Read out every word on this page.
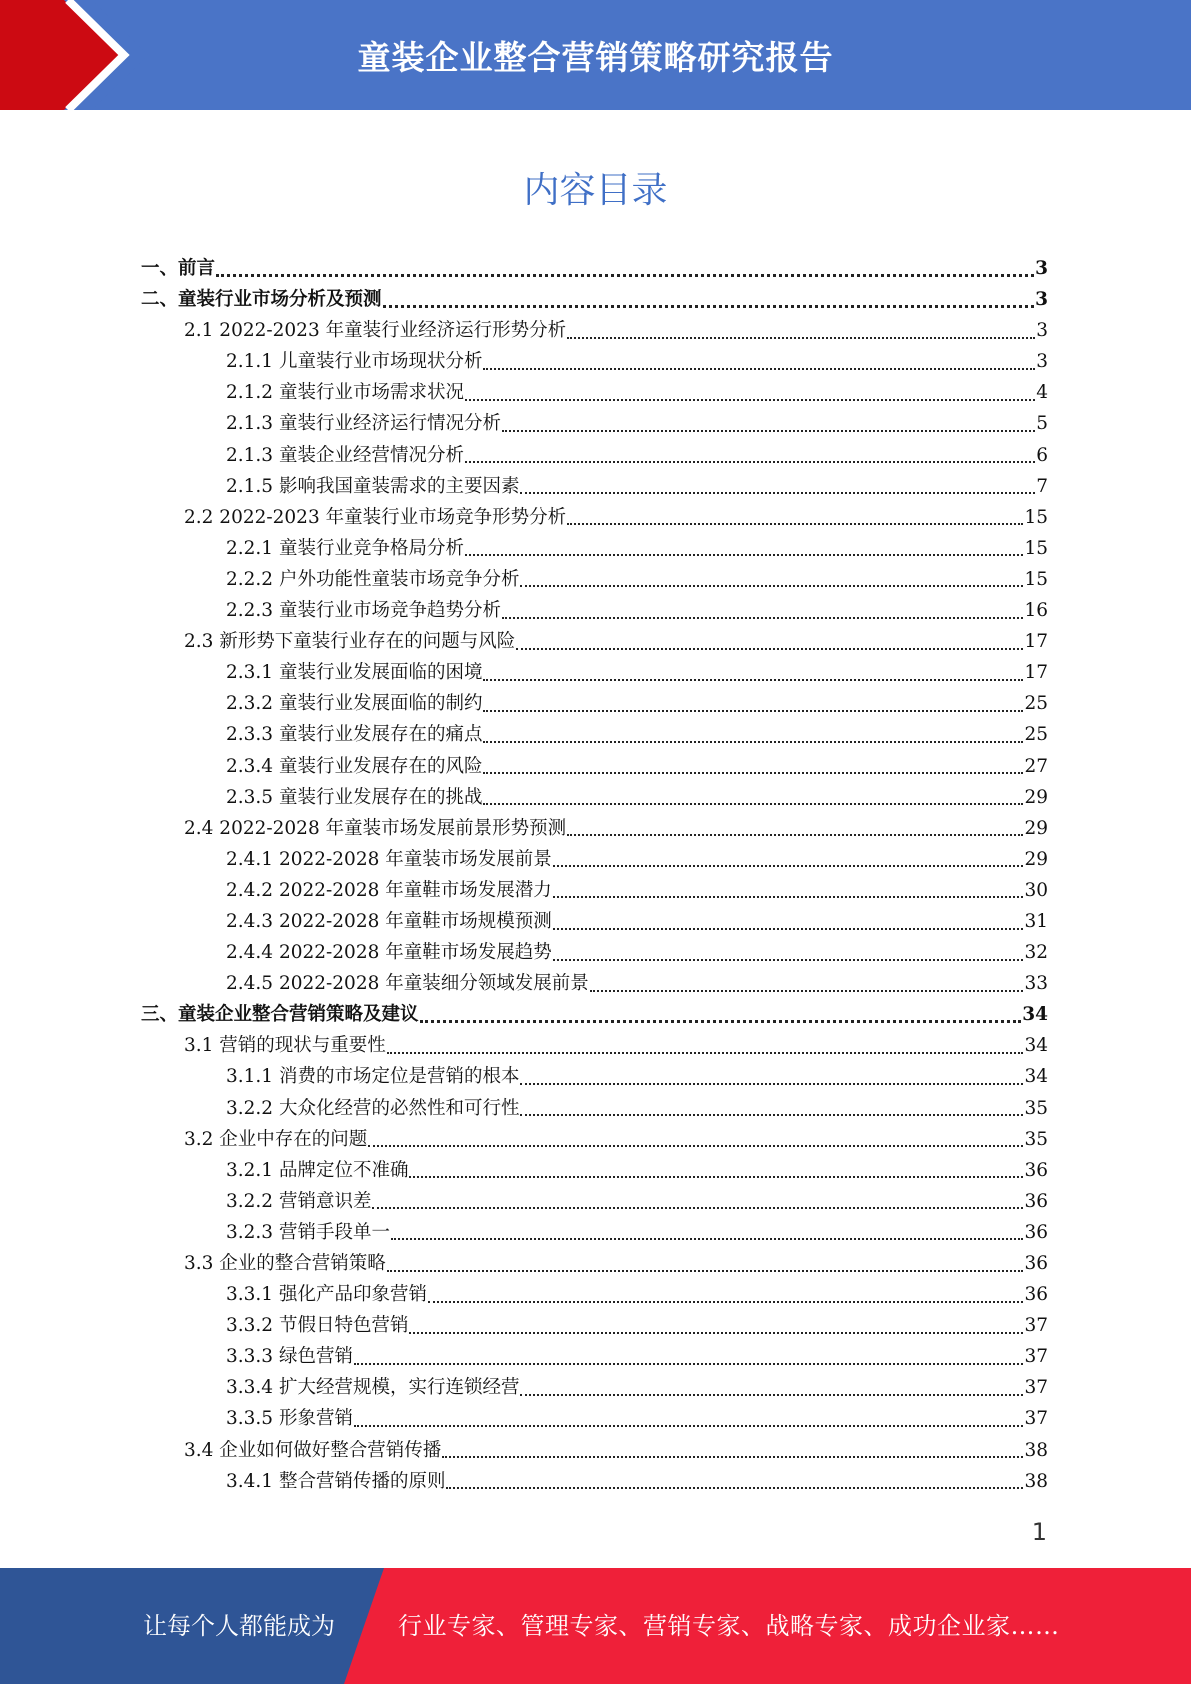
童装企业整合营销策略研究报告
内容目录
一、前言	3
二、童装行业市场分析及预测	3
2.1 2022-2023 年童装行业经济运行形势分析	3
2.1.1 儿童装行业市场现状分析	3
2.1.2 童装行业市场需求状况	4
2.1.3 童装行业经济运行情况分析	5
2.1.3 童装企业经营情况分析	6
2.1.5 影响我国童装需求的主要因素	7
2.2 2022-2023 年童装行业市场竞争形势分析	15
2.2.1 童装行业竞争格局分析	15
2.2.2 户外功能性童装市场竞争分析	15
2.2.3 童装行业市场竞争趋势分析	16
2.3 新形势下童装行业存在的问题与风险	17
2.3.1 童装行业发展面临的困境	17
2.3.2 童装行业发展面临的制约	25
2.3.3 童装行业发展存在的痛点	25
2.3.4 童装行业发展存在的风险	27
2.3.5 童装行业发展存在的挑战	29
2.4 2022-2028 年童装市场发展前景形势预测	29
2.4.1 2022-2028 年童装市场发展前景	29
2.4.2 2022-2028 年童鞋市场发展潜力	30
2.4.3 2022-2028 年童鞋市场规模预测	31
2.4.4 2022-2028 年童鞋市场发展趋势	32
2.4.5 2022-2028 年童装细分领域发展前景	33
三、童装企业整合营销策略及建议	34
3.1 营销的现状与重要性	34
3.1.1 消费的市场定位是营销的根本	34
3.2.2 大众化经营的必然性和可行性	35
3.2 企业中存在的问题	35
3.2.1 品牌定位不准确	36
3.2.2 营销意识差	36
3.2.3 营销手段单一	36
3.3 企业的整合营销策略	36
3.3.1 强化产品印象营销	36
3.3.2 节假日特色营销	37
3.3.3 绿色营销	37
3.3.4 扩大经营规模，实行连锁经营	37
3.3.5 形象营销	37
3.4 企业如何做好整合营销传播	38
3.4.1 整合营销传播的原则	38
1
让每个人都能成为	行业专家、管理专家、营销专家、战略专家、成功企业家……
